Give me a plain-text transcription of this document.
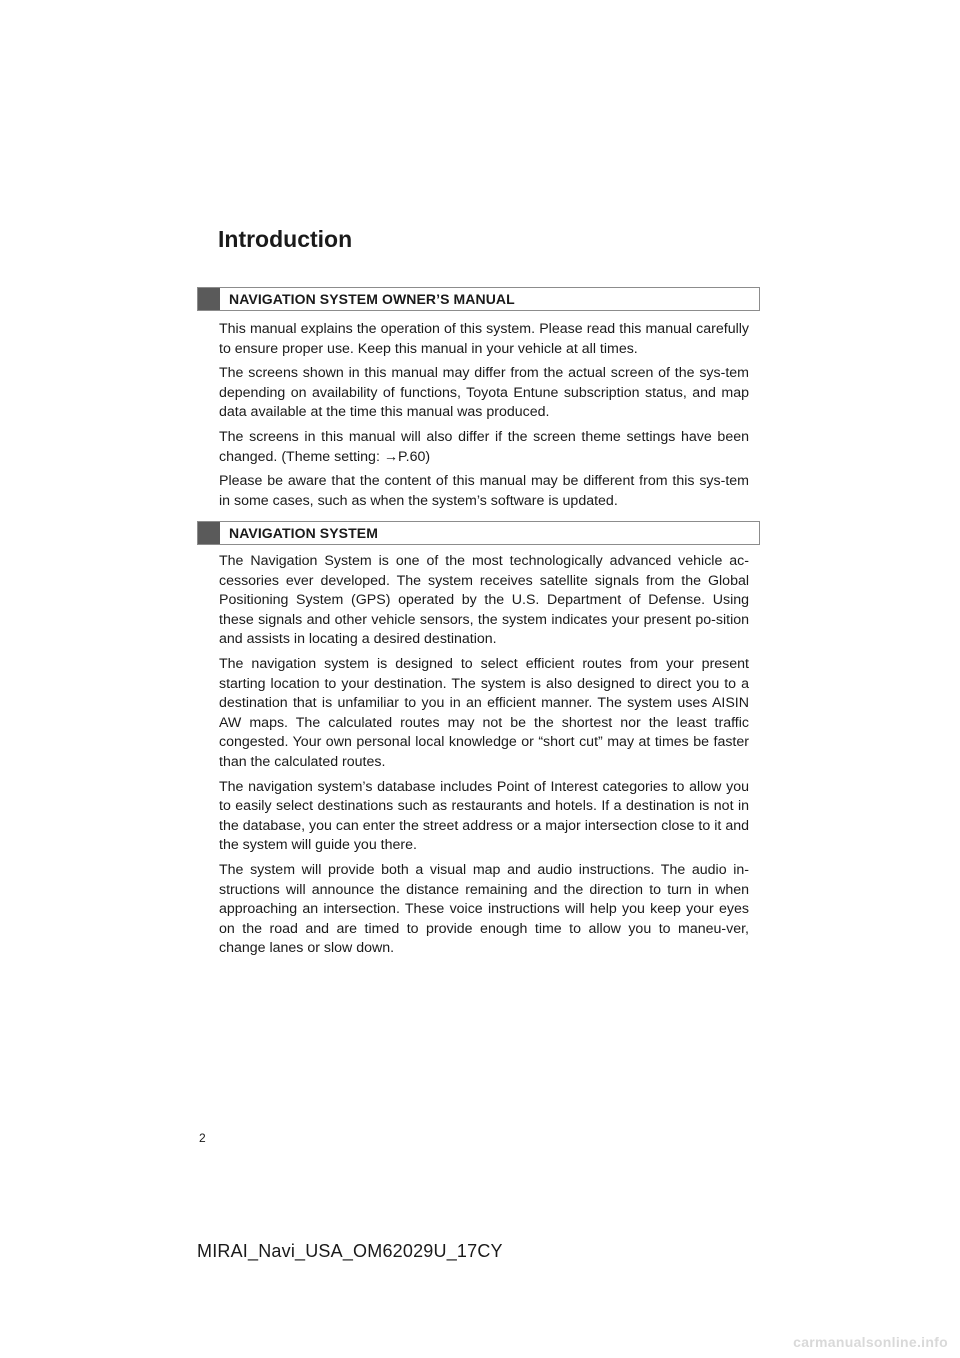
Introduction
NAVIGATION SYSTEM OWNER’S MANUAL

This manual explains the operation of this system. Please read this manual carefully to ensure proper use. Keep this manual in your vehicle at all times.

The screens shown in this manual may differ from the actual screen of the sys-tem depending on availability of functions, Toyota Entune subscription status, and map data available at the time this manual was produced.

The screens in this manual will also differ if the screen theme settings have been changed. (Theme setting: →P.60)

Please be aware that the content of this manual may be different from this sys-tem in some cases, such as when the system’s software is updated.

NAVIGATION SYSTEM

The Navigation System is one of the most technologically advanced vehicle ac-cessories ever developed. The system receives satellite signals from the Global Positioning System (GPS) operated by the U.S. Department of Defense. Using these signals and other vehicle sensors, the system indicates your present po-sition and assists in locating a desired destination.

The navigation system is designed to select efficient routes from your present starting location to your destination. The system is also designed to direct you to a destination that is unfamiliar to you in an efficient manner. The system uses AISIN AW maps. The calculated routes may not be the shortest nor the least traffic congested. Your own personal local knowledge or “short cut” may at times be faster than the calculated routes.

The navigation system’s database includes Point of Interest categories to allow you to easily select destinations such as restaurants and hotels. If a destination is not in the database, you can enter the street address or a major intersection close to it and the system will guide you there.

The system will provide both a visual map and audio instructions. The audio in-structions will announce the distance remaining and the direction to turn in when approaching an intersection. These voice instructions will help you keep your eyes on the road and are timed to provide enough time to allow you to maneu-ver, change lanes or slow down.

2
MIRAI_Navi_USA_OM62029U_17CY
carmanualsonline.info
